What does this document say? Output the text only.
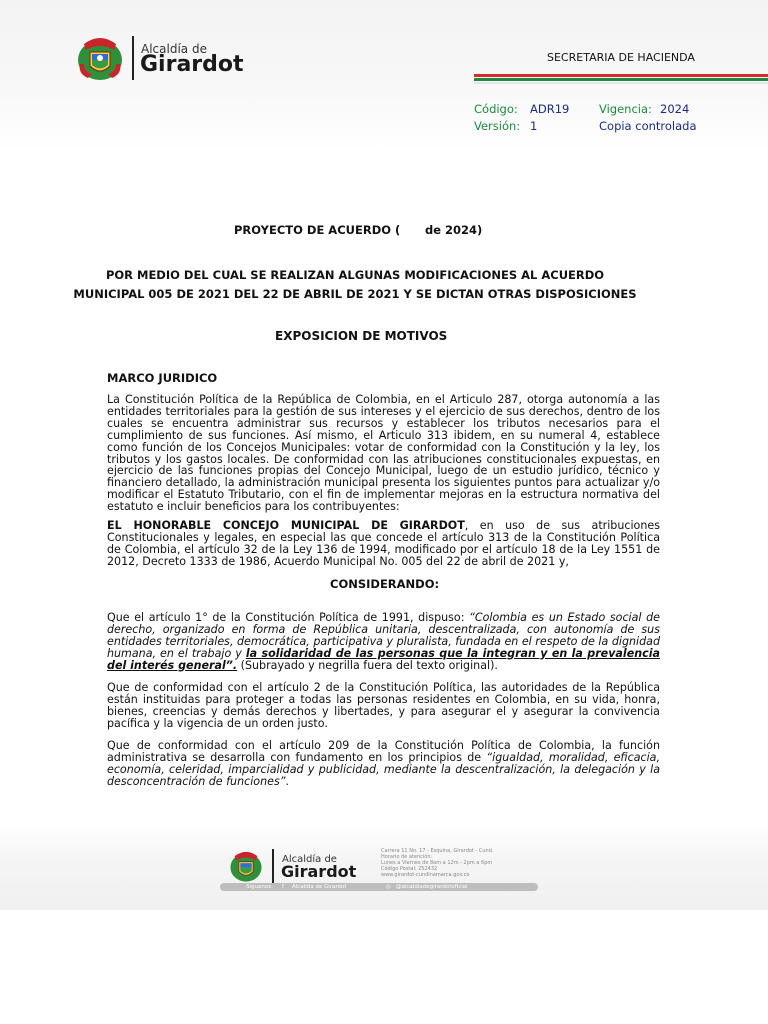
Alcaldía de
Girardot	SECRETARIA DE HACIENDA
Código: ADR19	Vigencia: 2024
Versión: 1	Copia controlada
PROYECTO DE ACUERDO ( de 2024)
POR MEDIO DEL CUAL SE REALIZAN ALGUNAS MODIFICACIONES AL ACUERDO
MUNICIPAL 005 DE 2021 DEL 22 DE ABRIL DE 2021 Y SE DICTAN OTRAS DISPOSICIONES
EXPOSICION DE MOTIVOS
MARCO JURIDICO

La Constitución Política de la República de Colombia, en el Articulo 287, otorga autonomía a las entidades territoriales para la gestión de sus intereses y el ejercicio de sus derechos, dentro de los cuales se encuentra administrar sus recursos y establecer los tributos necesarios para el cumplimiento de sus funciones. Así mismo, el Articulo 313 ibidem, en su numeral 4, establece como función de los Concejos Municipales: votar de conformidad con la Constitución y la ley, los tributos y los gastos locales. De conformidad con las atribuciones constitucionales expuestas, en ejercicio de las funciones propias del Concejo Municipal, luego de un estudio jurídico, técnico y financiero detallado, la administración municipal presenta los siguientes puntos para actualizar y/o modificar el Estatuto Tributario, con el fin de implementar mejoras en la estructura normativa del estatuto e incluir beneficios para los contribuyentes:

EL HONORABLE CONCEJO MUNICIPAL DE GIRARDOT, en uso de sus atribuciones Constitucionales y legales, en especial las que concede el artículo 313 de la Constitución Política de Colombia, el artículo 32 de la Ley 136 de 1994, modificado por el artículo 18 de la Ley 1551 de 2012, Decreto 1333 de 1986, Acuerdo Municipal No. 005 del 22 de abril de 2021 y,

CONSIDERANDO:

Que el artículo 1° de la Constitución Política de 1991, dispuso: “Colombia es un Estado social de derecho, organizado en forma de República unitaria, descentralizada, con autonomía de sus entidades territoriales, democrática, participativa y pluralista, fundada en el respeto de la dignidad humana, en el trabajo y la solidaridad de las personas que la integran y en la prevalencia del interés general”. (Subrayado y negrilla fuera del texto original).

Que de conformidad con el artículo 2 de la Constitución Política, las autoridades de la República están instituidas para proteger a todas las personas residentes en Colombia, en su vida, honra, bienes, creencias y demás derechos y libertades, y para asegurar el y asegurar la convivencia pacífica y la vigencia de un orden justo.

Que de conformidad con el artículo 209 de la Constitución Política de Colombia, la función administrativa se desarrolla con fundamento en los principios de “igualdad, moralidad, eficacia, economía, celeridad, imparcialidad y publicidad, mediante la descentralización, la delegación y la desconcentración de funciones”.

Alcaldía de
Girardot
Carrera 11 No. 17 - Esquina, Girardot - Cund.
Horario de atención:
Lunes a Viernes de 8am a 12m - 2pm a 6pm
Código Postal: 252432
www.girardot-cundinamarca.gov.co
Síguenos: f Alcaldía de Girardot	◎ @alcaldiadegirardotoficial
